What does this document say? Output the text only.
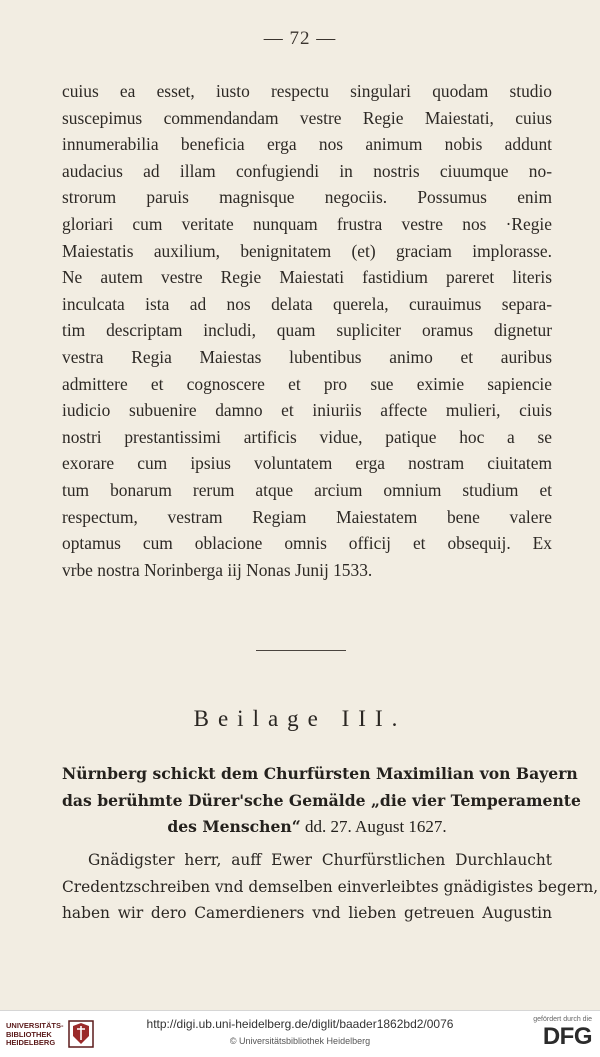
— 72 —
cuius ea esset, iusto respectu singulari quodam studio
suscepimus commendandam vestre Regie Maiestati, cuius
innumerabilia beneficia erga nos animum nobis addunt
audacius ad illam confugiendi in nostris ciuumque no-
strorum paruis magnisque negociis. Possumus enim
gloriari cum veritate nunquam frustra vestre nos ·Regie
Maiestatis auxilium, benignitatem (et) graciam implorasse.
Ne autem vestre Regie Maiestati fastidium pareret literis
inculcata ista ad nos delata querela, curauimus separa-
tim descriptam includi, quam supliciter oramus dignetur
vestra Regia Maiestas lubentibus animo et auribus
admittere et cognoscere et pro sue eximie sapiencie
iudicio subuenire damno et iniuriis affecte mulieri, ciuis
nostri prestantissimi artificis vidue, patique hoc a se
exorare cum ipsius voluntatem erga nostram ciuitatem
tum bonarum rerum atque arcium omnium studium et
respectum, vestram Regiam Maiestatem bene valere
optamus cum oblacione omnis officij et obsequij. Ex
vrbe nostra Norinberga iij Nonas Junij 1533.
Beilage III.
Nürnberg schickt dem Churfürsten Maximilian von Bayern
das berühmte Dürer'sche Gemälde „die vier Temperamente
des Menschen“ dd. 27. August 1627.
Gnädigster herr, auff Ewer Churfürstlichen Durchlaucht
Credentzschreiben vnd demselben einverleibtes gnädigistes begern,
haben wir dero Camerdieners vnd lieben getreuen Augustin
UNIVERSITÄTS-
BIBLIOTHEK
HEIDELBERG
http://digi.ub.uni-heidelberg.de/diglit/baader1862bd2/0076
© Universitätsbibliothek Heidelberg
gefördert durch die
DFG
